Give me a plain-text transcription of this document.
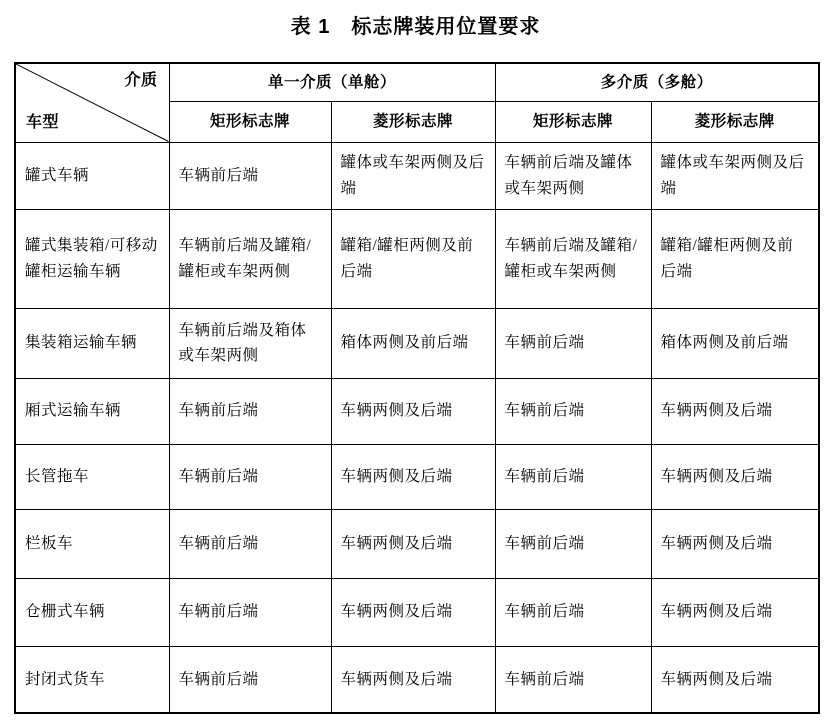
表 1　标志牌装用位置要求
介质
车型	单一介质（单舱）		多介质（多舱）	
	矩形标志牌	菱形标志牌	矩形标志牌	菱形标志牌
罐式车辆	车辆前后端	罐体或车架两侧及后端	车辆前后端及罐体或车架两侧	罐体或车架两侧及后端
罐式集装箱/可移动罐柜运输车辆	车辆前后端及罐箱/罐柜或车架两侧	罐箱/罐柜两侧及前后端	车辆前后端及罐箱/罐柜或车架两侧	罐箱/罐柜两侧及前后端
集装箱运输车辆	车辆前后端及箱体或车架两侧	箱体两侧及前后端	车辆前后端	箱体两侧及前后端
厢式运输车辆	车辆前后端	车辆两侧及后端	车辆前后端	车辆两侧及后端
长管拖车	车辆前后端	车辆两侧及后端	车辆前后端	车辆两侧及后端
栏板车	车辆前后端	车辆两侧及后端	车辆前后端	车辆两侧及后端
仓栅式车辆	车辆前后端	车辆两侧及后端	车辆前后端	车辆两侧及后端
封闭式货车	车辆前后端	车辆两侧及后端	车辆前后端	车辆两侧及后端
